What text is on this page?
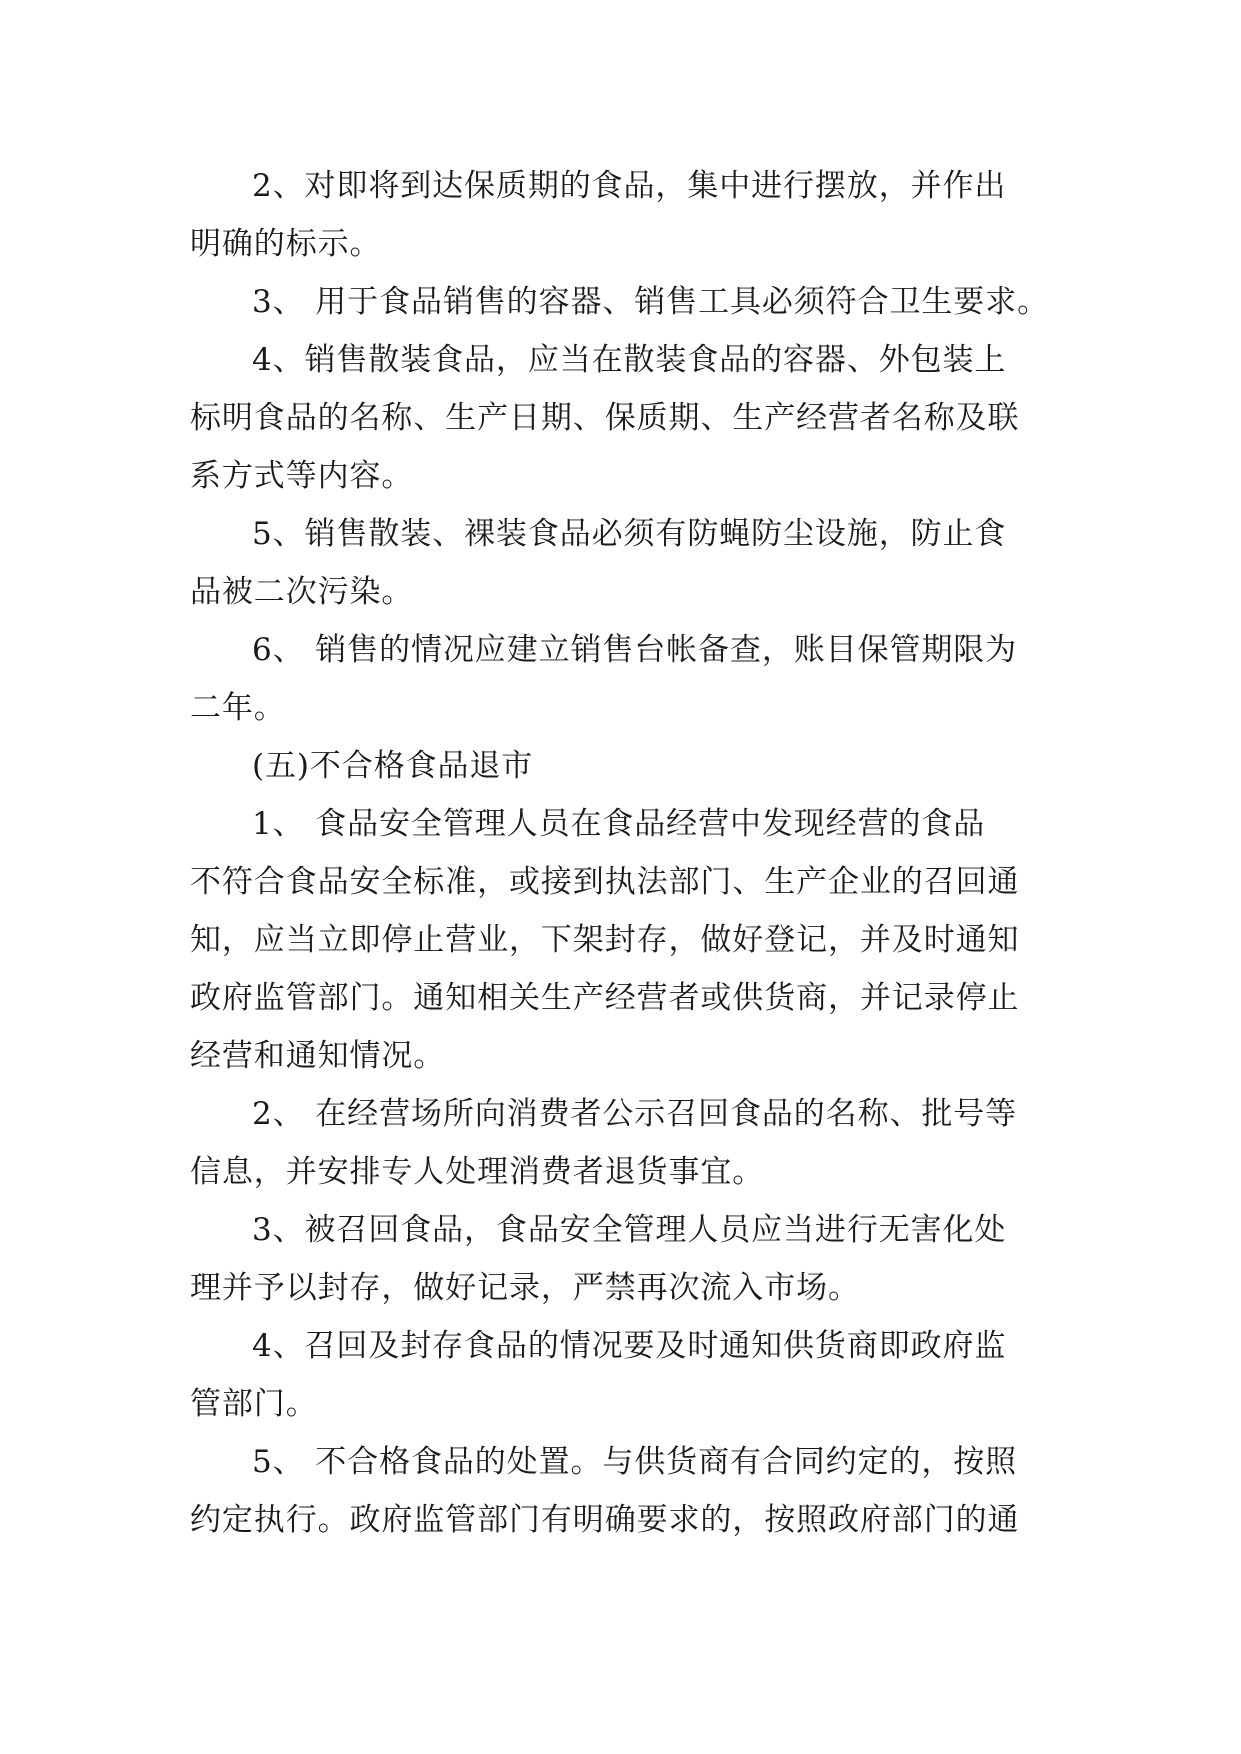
2、对即将到达保质期的食品，集中进行摆放，并作出
明确的标示。
3、 用于食品销售的容器、销售工具必须符合卫生要求。
4、销售散装食品，应当在散装食品的容器、外包装上
标明食品的名称、生产日期、保质期、生产经营者名称及联
系方式等内容。
5、销售散装、裸装食品必须有防蝇防尘设施，防止食
品被二次污染。
6、 销售的情况应建立销售台帐备查，账目保管期限为
二年。
(五)不合格食品退市
1、 食品安全管理人员在食品经营中发现经营的食品
不符合食品安全标准，或接到执法部门、生产企业的召回通
知，应当立即停止营业，下架封存，做好登记，并及时通知
政府监管部门。通知相关生产经营者或供货商，并记录停止
经营和通知情况。
2、 在经营场所向消费者公示召回食品的名称、批号等
信息，并安排专人处理消费者退货事宜。
3、被召回食品，食品安全管理人员应当进行无害化处
理并予以封存，做好记录，严禁再次流入市场。
4、召回及封存食品的情况要及时通知供货商即政府监
管部门。
5、 不合格食品的处置。与供货商有合同约定的，按照
约定执行。政府监管部门有明确要求的，按照政府部门的通
